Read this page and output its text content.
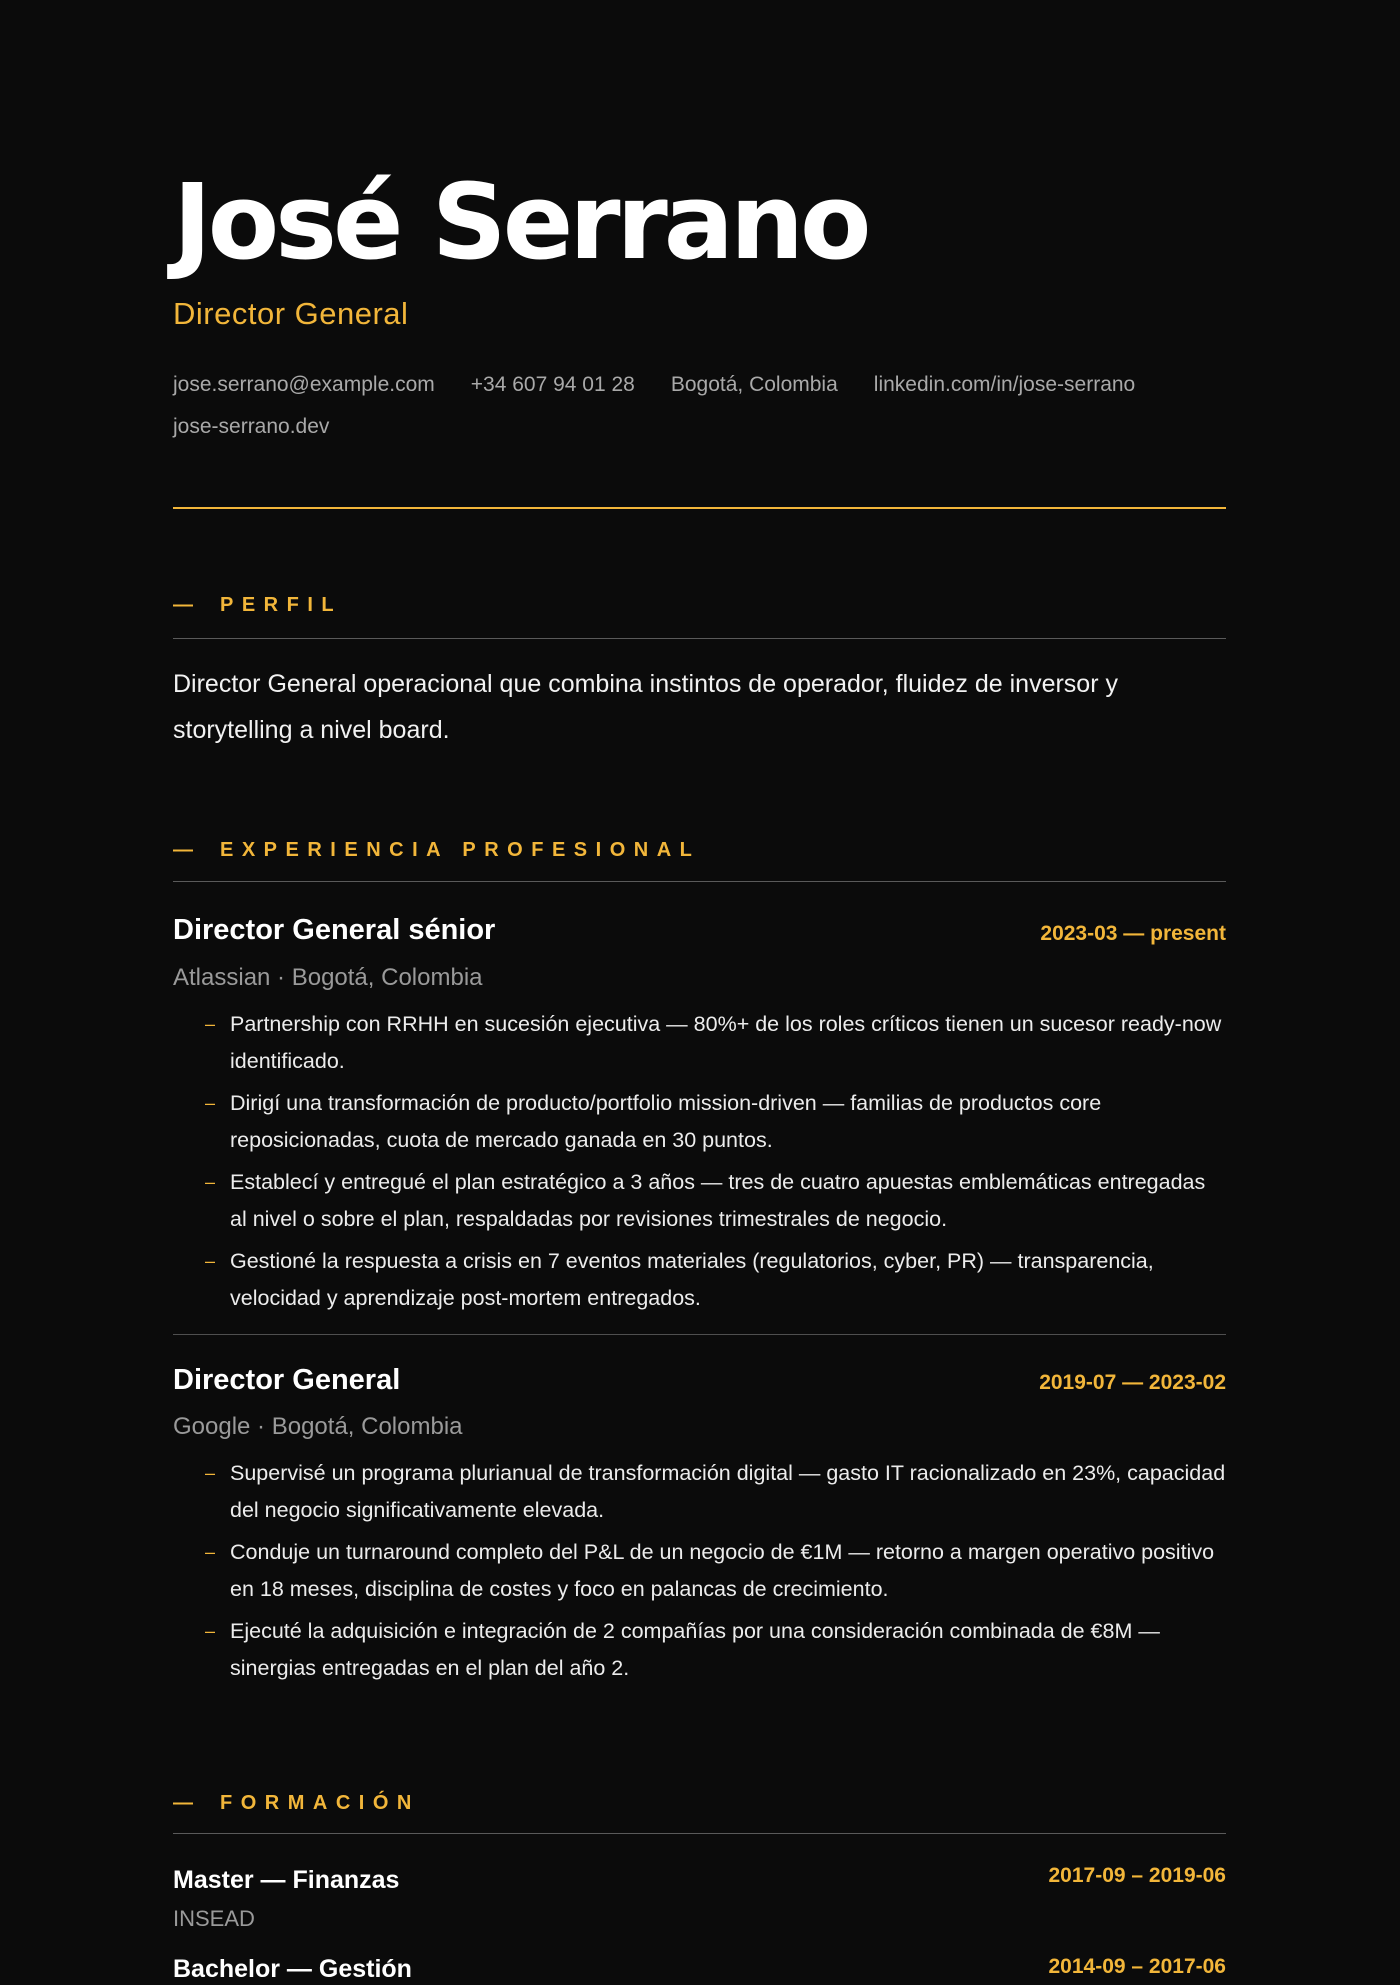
José Serrano
Director General
jose.serrano@example.com +34 607 94 01 28 Bogotá, Colombia linkedin.com/in/jose-serrano
jose-serrano.dev
— PERFIL

Director General operacional que combina instintos de operador, fluidez de inversor y storytelling a nivel board.

— EXPERIENCIA PROFESIONAL
Director General sénior	2023-03 — present
Atlassian · Bogotá, Colombia
– Partnership con RRHH en sucesión ejecutiva — 80%+ de los roles críticos tienen un sucesor ready-now identificado.
– Dirigí una transformación de producto/portfolio mission-driven — familias de productos core reposicionadas, cuota de mercado ganada en 30 puntos.
– Establecí y entregué el plan estratégico a 3 años — tres de cuatro apuestas emblemáticas entregadas al nivel o sobre el plan, respaldadas por revisiones trimestrales de negocio.
– Gestioné la respuesta a crisis en 7 eventos materiales (regulatorios, cyber, PR) — transparencia, velocidad y aprendizaje post-mortem entregados.
Director General	2019-07 — 2023-02
Google · Bogotá, Colombia
– Supervisé un programa plurianual de transformación digital — gasto IT racionalizado en 23%, capacidad del negocio significativamente elevada.
– Conduje un turnaround completo del P&L de un negocio de €1M — retorno a margen operativo positivo en 18 meses, disciplina de costes y foco en palancas de crecimiento.
– Ejecuté la adquisición e integración de 2 compañías por una consideración combinada de €8M — sinergias entregadas en el plan del año 2.
— FORMACIÓN
Master — Finanzas	2017-09 – 2019-06
INSEAD
Bachelor — Gestión	2014-09 – 2017-06
